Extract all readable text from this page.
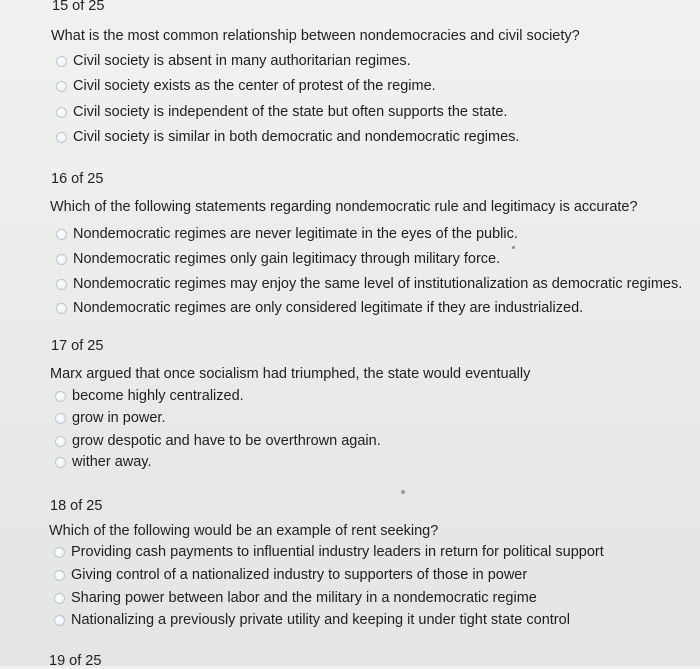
15 of 25
What is the most common relationship between nondemocracies and civil society?
Civil society is absent in many authoritarian regimes.
Civil society exists as the center of protest of the regime.
Civil society is independent of the state but often supports the state.
Civil society is similar in both democratic and nondemocratic regimes.
16 of 25
Which of the following statements regarding nondemocratic rule and legitimacy is accurate?
Nondemocratic regimes are never legitimate in the eyes of the public.
Nondemocratic regimes only gain legitimacy through military force.
Nondemocratic regimes may enjoy the same level of institutionalization as democratic regimes.
Nondemocratic regimes are only considered legitimate if they are industrialized.
17 of 25
Marx argued that once socialism had triumphed, the state would eventually
become highly centralized.
grow in power.
grow despotic and have to be overthrown again.
wither away.
18 of 25
Which of the following would be an example of rent seeking?
Providing cash payments to influential industry leaders in return for political support
Giving control of a nationalized industry to supporters of those in power
Sharing power between labor and the military in a nondemocratic regime
Nationalizing a previously private utility and keeping it under tight state control
19 of 25
